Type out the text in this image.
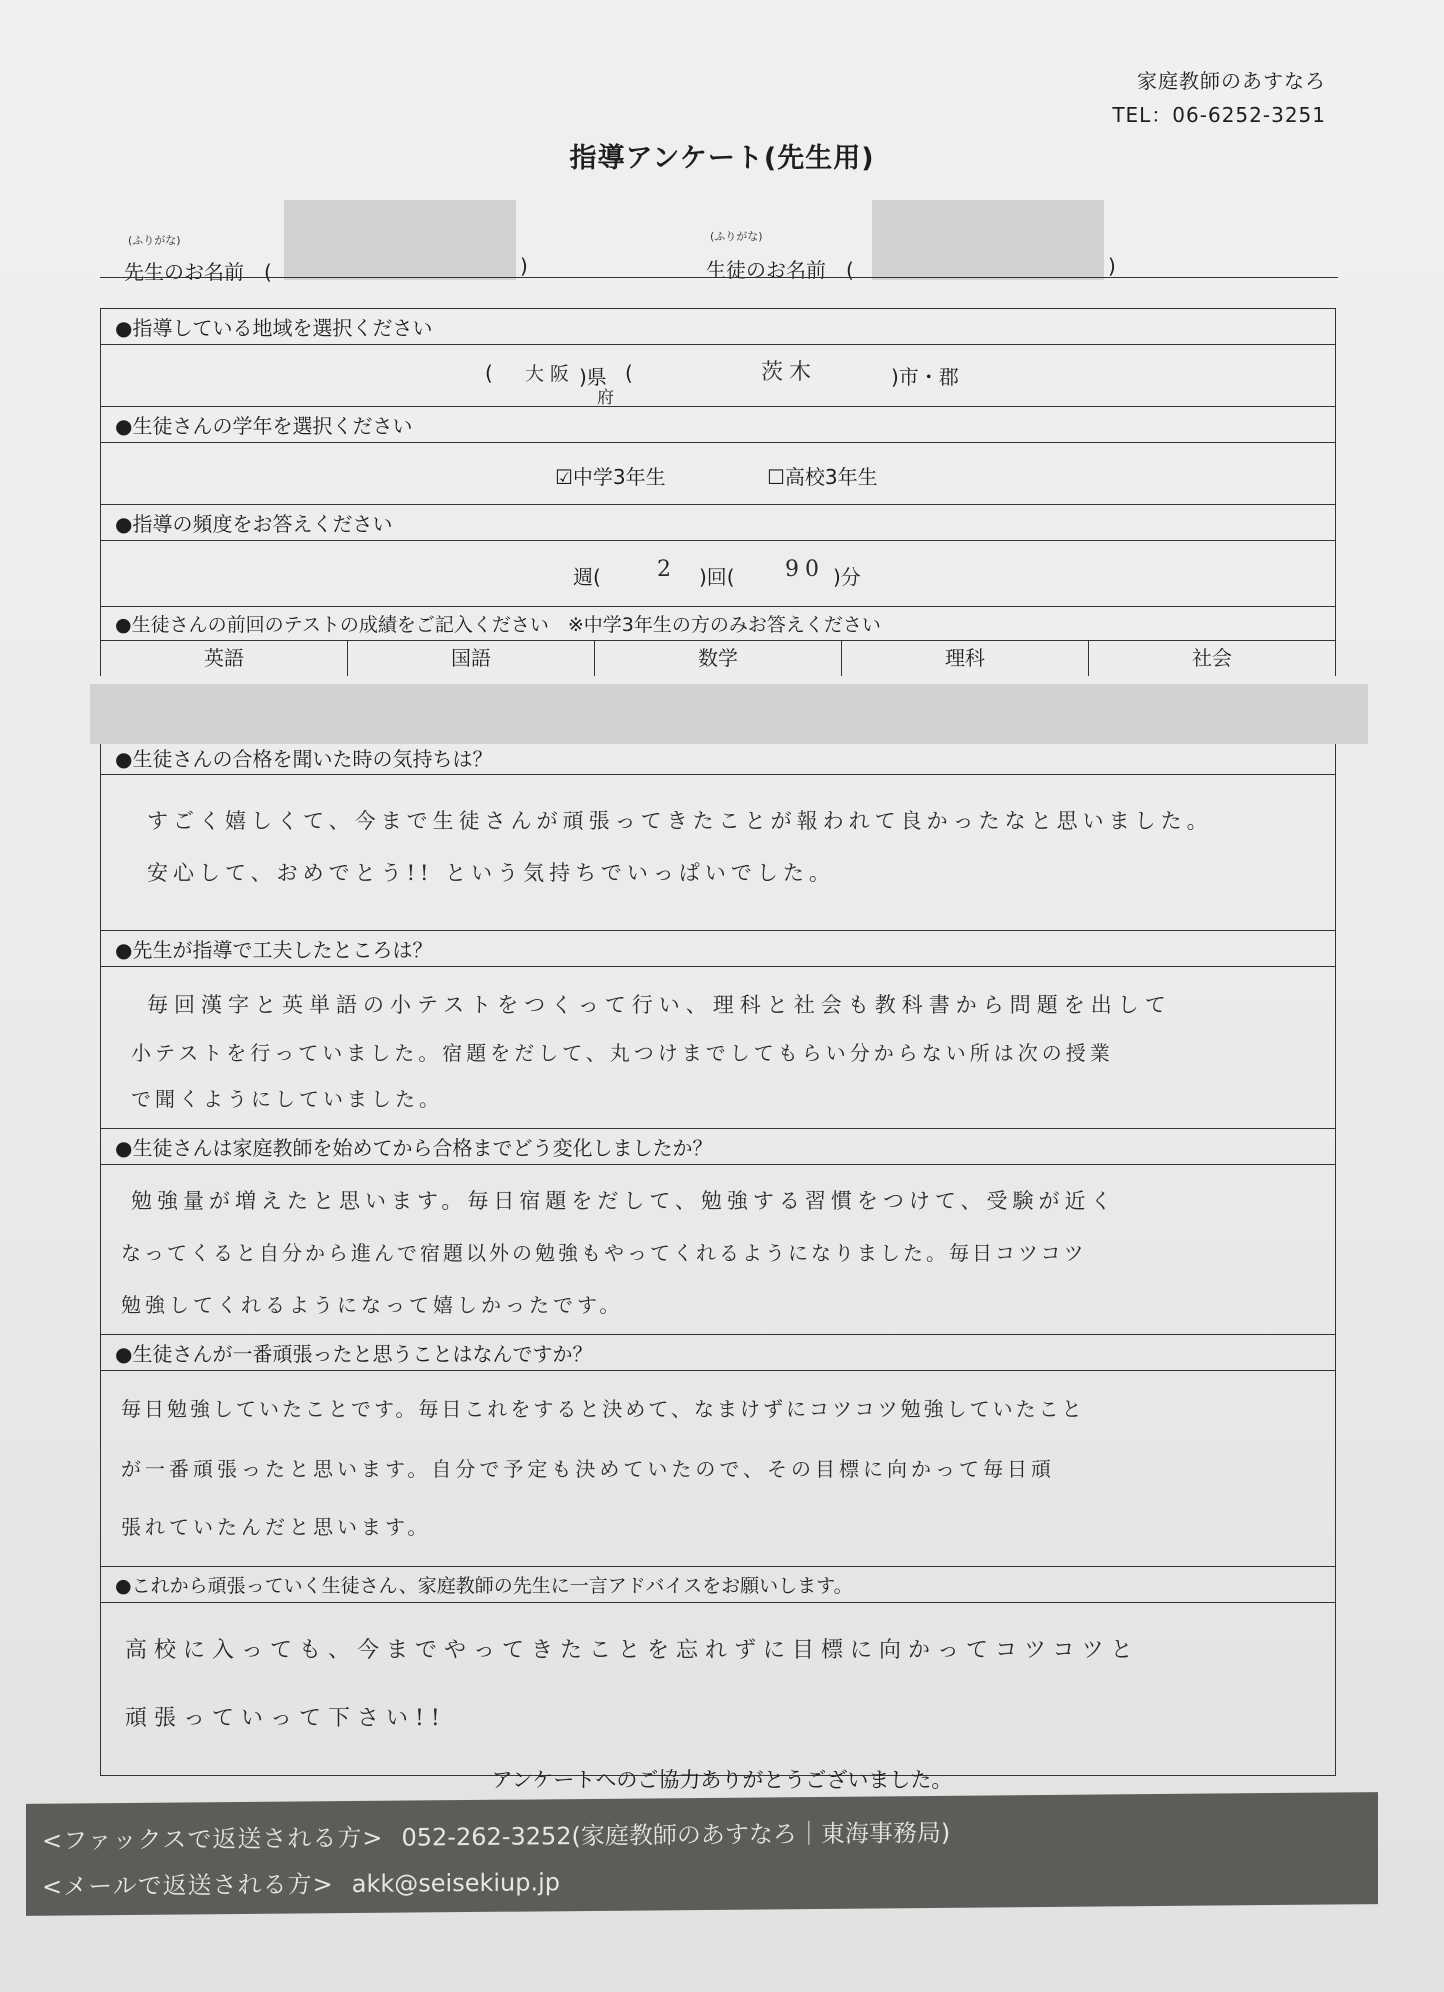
家庭教師のあすなろ
TEL：06-6252-3251
指導アンケート(先生用)
(ふりがな)
先生のお名前　(	)
(ふりがな)
生徒のお名前　(	)
●指導している地域を選択ください
( 大阪 )県
府
(	茨木	)市・郡
●生徒さんの学年を選択ください
☑中学3年生	☐高校3年生
●指導の頻度をお答えください
週(	2 )回( 90 )分
●生徒さんの前回のテストの成績をご記入ください　※中学3年生の方のみお答えください
英語	国語	数学	理科	社会
●生徒さんの合格を聞いた時の気持ちは？
すごく嬉しくて、今まで生徒さんが頑張ってきたことが報われて良かったなと思いました。
安心して、おめでとう!! という気持ちでいっぱいでした。
●先生が指導で工夫したところは？
毎回漢字と英単語の小テストをつくって行い、理科と社会も教科書から問題を出して
小テストを行っていました。宿題をだして、丸つけまでしてもらい分からない所は次の授業
で聞くようにしていました。
●生徒さんは家庭教師を始めてから合格までどう変化しましたか？
勉強量が増えたと思います。毎日宿題をだして、勉強する習慣をつけて、受験が近く
なってくると自分から進んで宿題以外の勉強もやってくれるようになりました。毎日コツコツ
勉強してくれるようになって嬉しかったです。
●生徒さんが一番頑張ったと思うことはなんですか？
毎日勉強していたことです。毎日これをすると決めて、なまけずにコツコツ勉強していたこと
が一番頑張ったと思います。自分で予定も決めていたので、その目標に向かって毎日頑
張れていたんだと思います。
●これから頑張っていく生徒さん、家庭教師の先生に一言アドバイスをお願いします。
高校に入っても、今までやってきたことを忘れずに目標に向かってコツコツと
頑張っていって下さい!!
アンケートへのご協力ありがとうございました。
<ファックスで返送される方> 052-262-3252(家庭教師のあすなろ｜東海事務局)
<メールで返送される方> akk@seisekiup.jp
